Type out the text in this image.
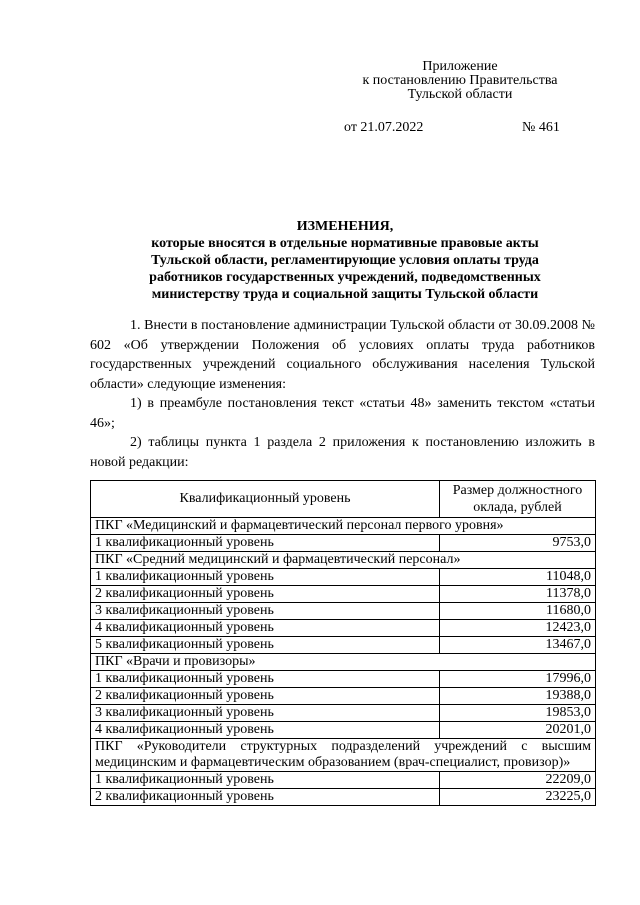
Приложение
к постановлению Правительства
Тульской области
от 21.07.2022	№ 461
ИЗМЕНЕНИЯ,
которые вносятся в отдельные нормативные правовые акты
Тульской области, регламентирующие условия оплаты труда
работников государственных учреждений, подведомственных
министерству труда и социальной защиты Тульской области

1. Внести в постановление администрации Тульской области от 30.09.2008 № 602 «Об утверждении Положения об условиях оплаты труда работников государственных учреждений социального обслуживания населения Тульской области» следующие изменения:

1) в преамбуле постановления текст «статьи 48» заменить текстом «статьи 46»;

2) таблицы пункта 1 раздела 2 приложения к постановлению изложить в новой редакции:

Квалификационный уровень	Размер должностного оклада, рублей
ПКГ «Медицинский и фармацевтический персонал первого уровня»	
1 квалификационный уровень	9753,0
ПКГ «Средний медицинский и фармацевтический персонал»	
1 квалификационный уровень	11048,0
2 квалификационный уровень	11378,0
3 квалификационный уровень	11680,0
4 квалификационный уровень	12423,0
5 квалификационный уровень	13467,0
ПКГ «Врачи и провизоры»	
1 квалификационный уровень	17996,0
2 квалификационный уровень	19388,0
3 квалификационный уровень	19853,0
4 квалификационный уровень	20201,0
ПКГ «Руководители структурных подразделений учреждений с высшим медицинским и фармацевтическим образованием (врач-специалист, провизор)»	
1 квалификационный уровень	22209,0
2 квалификационный уровень	23225,0
